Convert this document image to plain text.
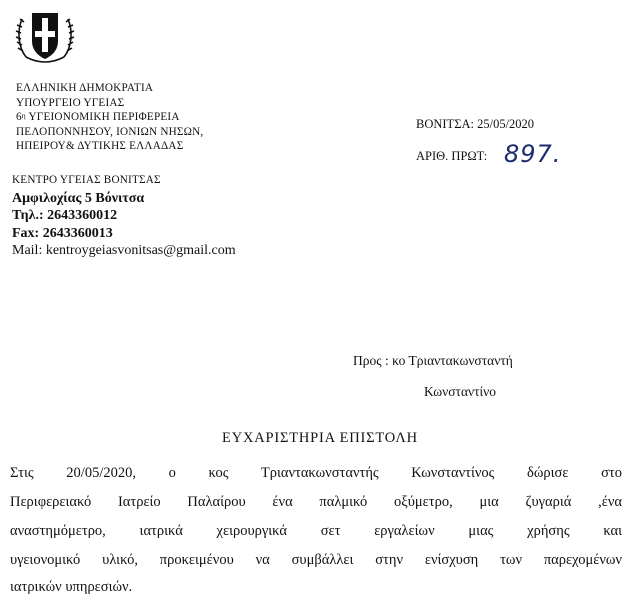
ΕΛΛΗΝΙΚΗ ΔΗΜΟΚΡΑΤΙΑ
ΥΠΟΥΡΓΕΙΟ ΥΓΕΙΑΣ
$6^\eta$ ΥΓΕΙΟΝΟΜΙΚΗ ΠΕΡΙΦΕΡΕΙΑ
ΠΕΛΟΠΟΝΝΗΣΟΥ, ΙΟΝΙΩΝ ΝΗΣΩΝ,
ΗΠΕΙΡΟΥ& ΔΥΤΙΚΗΣ ΕΛΛΑΔΑΣ
ΒΟΝΙΤΣΑ: 25/05/2020
ΑΡΙΘ. ΠΡΩΤ: 897.
ΚΕΝΤΡΟ ΥΓΕΙΑΣ ΒΟΝΙΤΣΑΣ
Αμφιλοχίας 5 Βόνιτσα
Τηλ.: 2643360012
Fax: 2643360013
Mail: kentroygeiasvonitsas@gmail.com
Προς : κο Τριαντακωνσταντή
Κωνσταντίνο
ΕΥΧΑΡΙΣΤΗΡΙΑ ΕΠΙΣΤΟΛΗ
Στις 20/05/2020, ο κος Τριαντακωνσταντής Κωνσταντίνος δώρισε στο
Περιφερειακό Ιατρείο Παλαίρου ένα παλμικό οξύμετρο, μια ζυγαριά ,ένα
αναστημόμετρο, ιατρικά χειρουργικά σετ εργαλείων μιας χρήσης και
υγειονομικό υλικό, προκειμένου να συμβάλλει στην ενίσχυση των παρεχομένων
ιατρικών υπηρεσιών.
